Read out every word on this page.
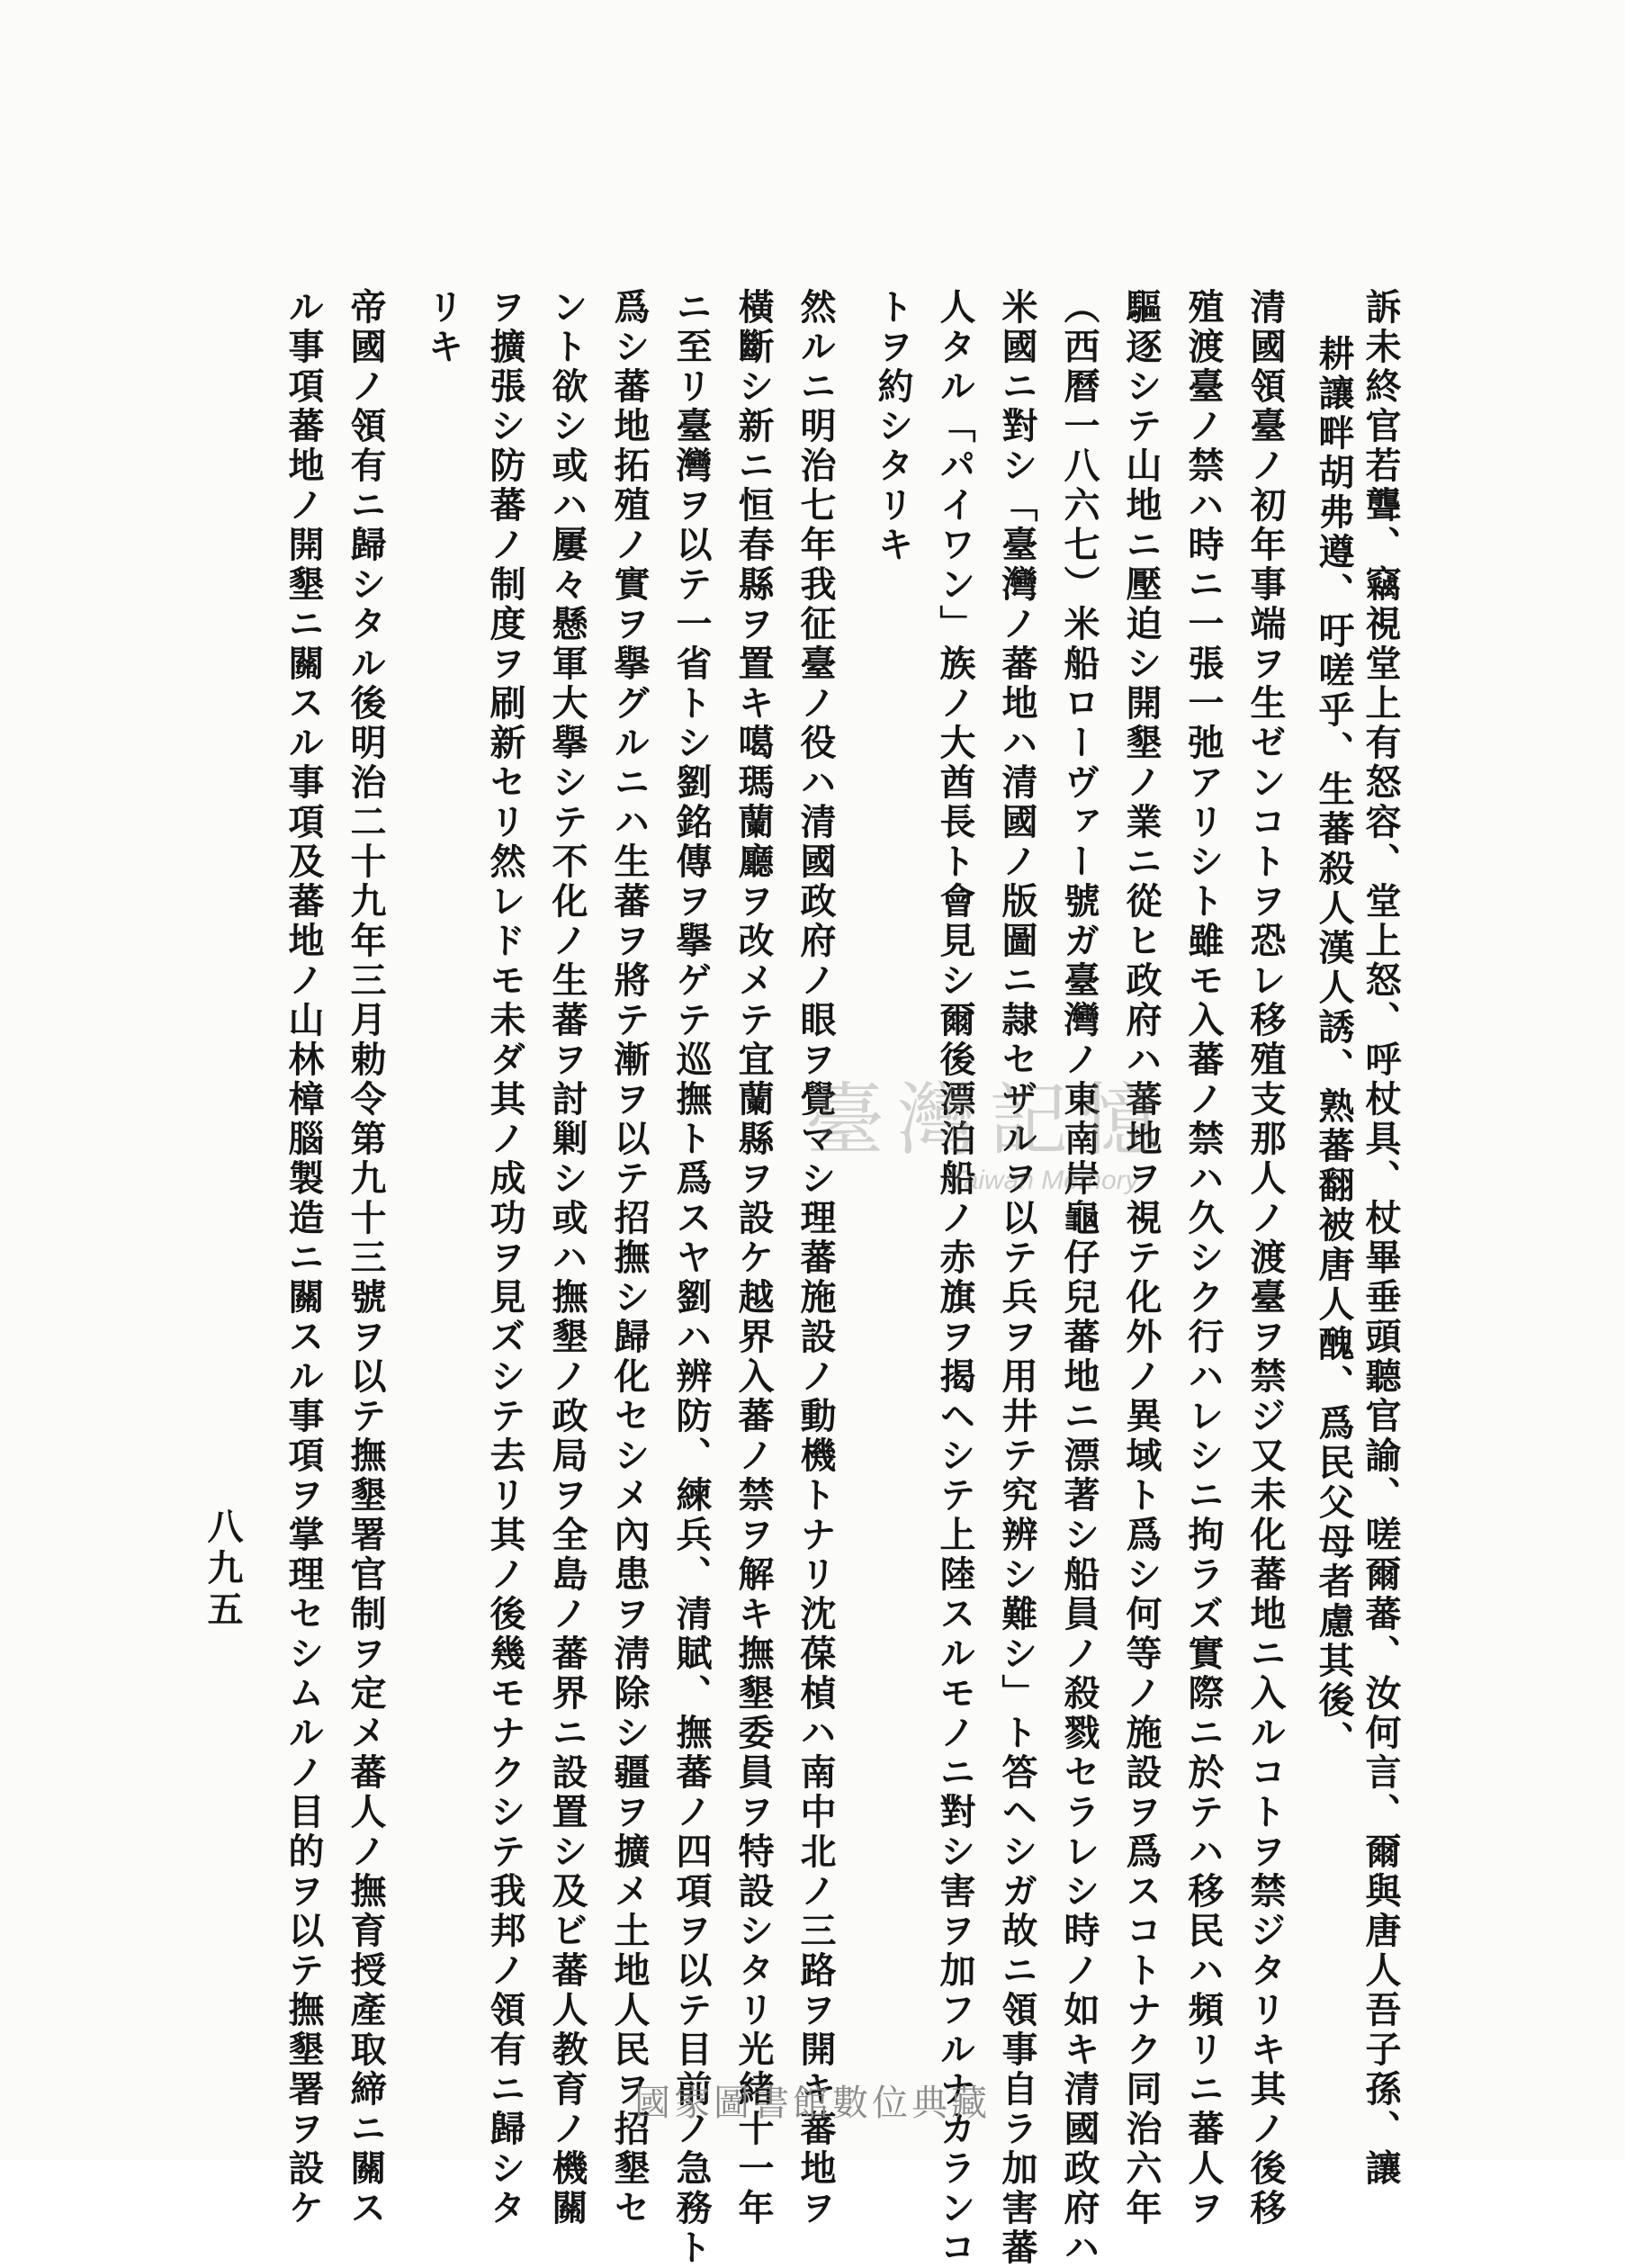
訴未終官若聾、竊視堂上有怒容、堂上怒、呼杖具、杖畢垂頭聽官諭、嗟爾蕃、汝何言、爾與唐人吾子孫、讓
耕讓畔胡弗遵、吁嗟乎、生蕃殺人漢人誘、熟蕃翻被唐人醜、爲民父母者慮其後、
清國領臺ノ初年事端ヲ生ゼンコトヲ恐レ移殖支那人ノ渡臺ヲ禁ジ又未化蕃地ニ入ルコトヲ禁ジタリキ其ノ後移
殖渡臺ノ禁ハ時ニ一張一弛アリシト雖モ入蕃ノ禁ハ久シク行ハレシニ拘ラズ實際ニ於テハ移民ハ頻リニ蕃人ヲ
驅逐シテ山地ニ壓迫シ開墾ノ業ニ從ヒ政府ハ蕃地ヲ視テ化外ノ異域ト爲シ何等ノ施設ヲ爲スコトナク同治六年
（西曆一八六七）米船ローヴァー號ガ臺灣ノ東南岸龜仔兒蕃地ニ漂著シ船員ノ殺戮セラレシ時ノ如キ清國政府ハ
米國ニ對シ「臺灣ノ蕃地ハ清國ノ版圖ニ隷セザルヲ以テ兵ヲ用井テ究辨シ難シ」ト答ヘシガ故ニ領事自ラ加害蕃
人タル「パイワン」族ノ大酋長ト會見シ爾後漂泊船ノ赤旗ヲ揭ヘシテ上陸スルモノニ對シ害ヲ加フルナカランコ
トヲ約シタリキ
然ルニ明治七年我征臺ノ役ハ清國政府ノ眼ヲ覺マシ理蕃施設ノ動機トナリ沈葆楨ハ南中北ノ三路ヲ開キ蕃地ヲ
橫斷シ新ニ恒春縣ヲ置キ噶瑪蘭廳ヲ改メテ宜蘭縣ヲ設ケ越界入蕃ノ禁ヲ解キ撫墾委員ヲ特設シタリ光緒十一年
ニ至リ臺灣ヲ以テ一省トシ劉銘傳ヲ擧ゲテ巡撫ト爲スヤ劉ハ辨防、練兵、清賦、撫蕃ノ四項ヲ以テ目前ノ急務ト
爲シ蕃地拓殖ノ實ヲ擧グルニハ生蕃ヲ將テ漸ヲ以テ招撫シ歸化セシメ內患ヲ淸除シ疆ヲ擴メ土地人民ヲ招墾セ
ント欲シ或ハ屢々懸軍大擧シテ不化ノ生蕃ヲ討剿シ或ハ撫墾ノ政局ヲ全島ノ蕃界ニ設置シ及ビ蕃人教育ノ機關
ヲ擴張シ防蕃ノ制度ヲ刷新セリ然レドモ未ダ其ノ成功ヲ見ズシテ去リ其ノ後幾モナクシテ我邦ノ領有ニ歸シタ
リキ
帝國ノ領有ニ歸シタル後明治二十九年三月勅令第九十三號ヲ以テ撫墾署官制ヲ定メ蕃人ノ撫育授產取締ニ關ス
ル事項蕃地ノ開墾ニ關スル事項及蕃地ノ山林樟腦製造ニ關スル事項ヲ掌理セシムルノ目的ヲ以テ撫墾署ヲ設ケ
八九五
臺灣記憶
Taiwan Memory
國家圖書館數位典藏
